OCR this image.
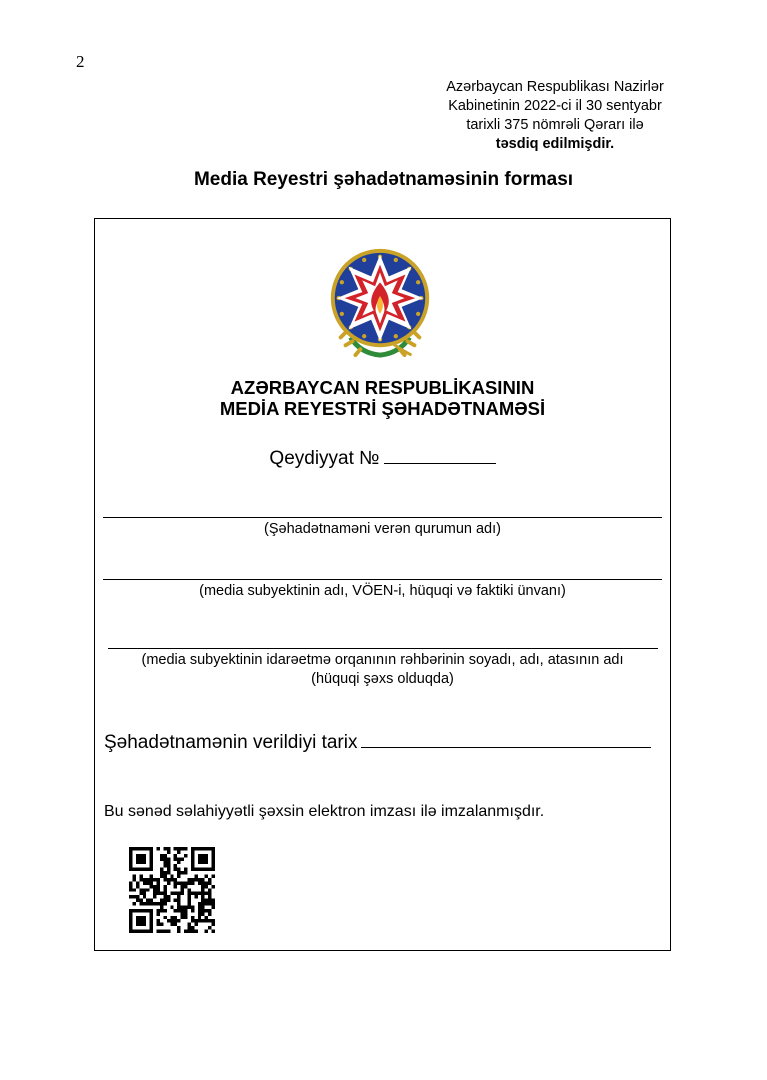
2
Azərbaycan Respublikası Nazirlər
Kabinetinin 2022-ci il 30 sentyabr
tarixli 375 nömrəli Qərarı ilə
təsdiq edilmişdir.
Media Reyestri şəhadətnaməsinin forması
AZƏRBAYCAN RESPUBLİKASININ
MEDİA REYESTRİ ŞƏHADƏTNAMƏSİ
Qeydiyyat №
(Şəhadətnaməni verən qurumun adı)
(media subyektinin adı, VÖEN-i, hüquqi və faktiki ünvanı)
(media subyektinin idarəetmə orqanının rəhbərinin soyadı, adı, atasının adı
(hüquqi şəxs olduqda)
Şəhadətnamənin verildiyi tarix
Bu sənəd səlahiyyətli şəxsin elektron imzası ilə imzalanmışdır.
